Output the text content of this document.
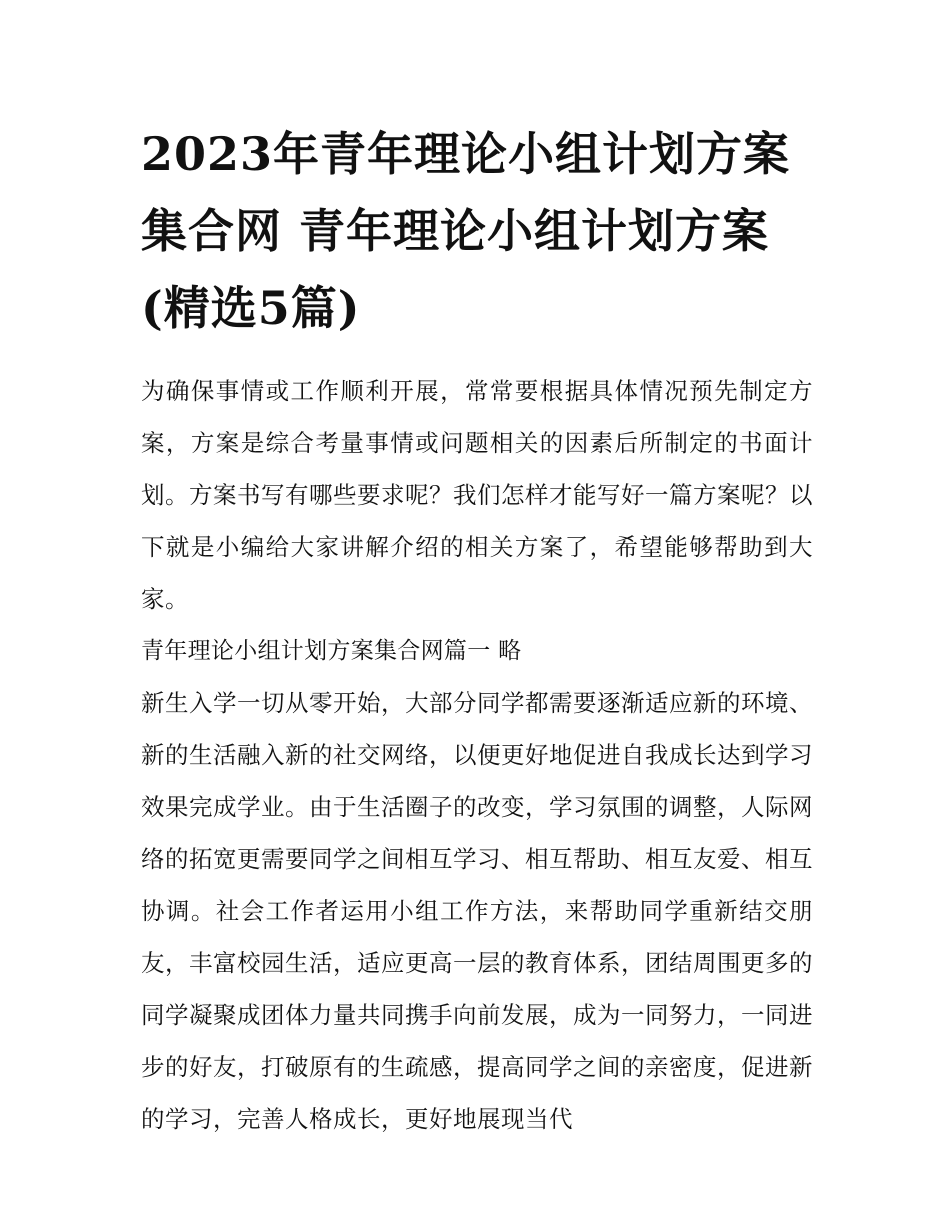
2023年青年理论小组计划方案集合网 青年理论小组计划方案(精选5篇)

为确保事情或工作顺利开展，常常要根据具体情况预先制定方案，方案是综合考量事情或问题相关的因素后所制定的书面计划。方案书写有哪些要求呢？我们怎样才能写好一篇方案呢？以下就是小编给大家讲解介绍的相关方案了，希望能够帮助到大家。

青年理论小组计划方案集合网篇一 略

新生入学一切从零开始，大部分同学都需要逐渐适应新的环境、新的生活融入新的社交网络，以便更好地促进自我成长达到学习效果完成学业。由于生活圈子的改变，学习氛围的调整，人际网络的拓宽更需要同学之间相互学习、相互帮助、相互友爱、相互协调。社会工作者运用小组工作方法，来帮助同学重新结交朋友，丰富校园生活，适应更高一层的教育体系，团结周围更多的同学凝聚成团体力量共同携手向前发展，成为一同努力，一同进步的好友，打破原有的生疏感，提高同学之间的亲密度，促进新的学习，完善人格成长，更好地展现当代
